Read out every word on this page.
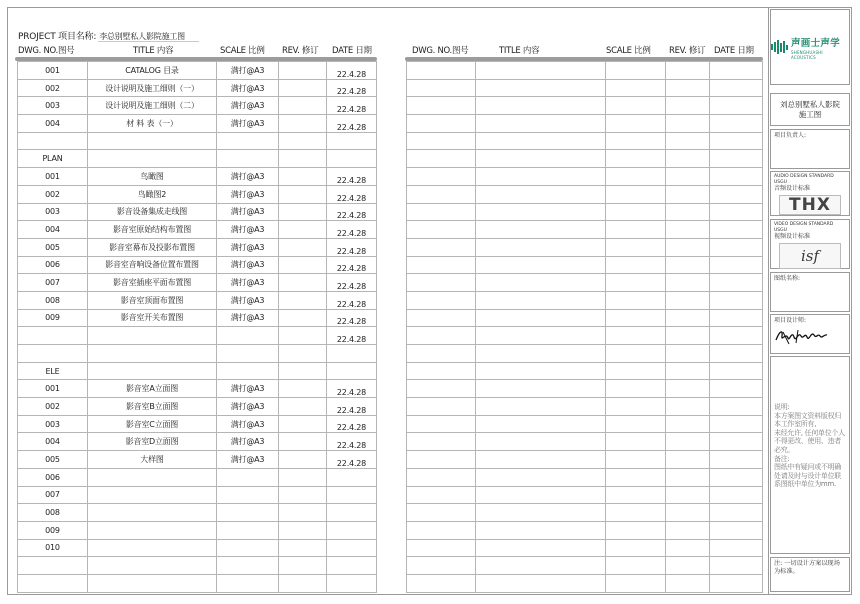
PROJECT 项目名称: 李总别墅私人影院施工图
DWG. NO.图号	TITLE 内容	SCALE 比例 REV. 修订 DATE 日期	DWG. NO.图号	TITLE 内容	SCALE 比例 REV. 修订 DATE 日期
001	CATALOG 目录	满打@A3		22.4.28
002	设计说明及施工细则（一）	满打@A3		22.4.28
003	设计说明及施工细则（二）	满打@A3		22.4.28
004	材 料 表（一）	满打@A3		22.4.28

PLAN				
001	鸟瞰图	满打@A3		22.4.28
002	鸟瞰图2	满打@A3		22.4.28
003	影音设备集成走线图	满打@A3		22.4.28
004	影音室原始结构布置图	满打@A3		22.4.28
005	影音室幕布及投影布置图	满打@A3		22.4.28
006	影音室音响设备位置布置图	满打@A3		22.4.28
007	影音室插座平面布置图	满打@A3		22.4.28
008	影音室顶面布置图	满打@A3		22.4.28
009	影音室开关布置图	满打@A3		22.4.28
				22.4.28

ELE				
001	影音室A立面图	满打@A3		22.4.28
002	影音室B立面图	满打@A3		22.4.28
003	影音室C立面图	满打@A3		22.4.28
004	影音室D立面图	满打@A3		22.4.28
005	大样图	满打@A3		22.4.28
006				
007				
008				
009				
010				

声画士声学
SHENGHUASHI ACOUSTICS
刘总别墅私人影院施工图
项目负责人:
AUDIO DESIGN STANDARD USGU
音频设计标准
THX
VIDEO DESIGN STANDARD USGU
视频设计标准
isf
图纸名称:
项目设计师:
说明:
本方案图文资料版权归本工作室所有,
未经允许, 任何单位个人不得更改、使用、违者必究。
备注:
图纸中有疑问或不明确处请及时与设计单位联系图纸中单位为mm.
注: 一切设计方案以现场为标准。
